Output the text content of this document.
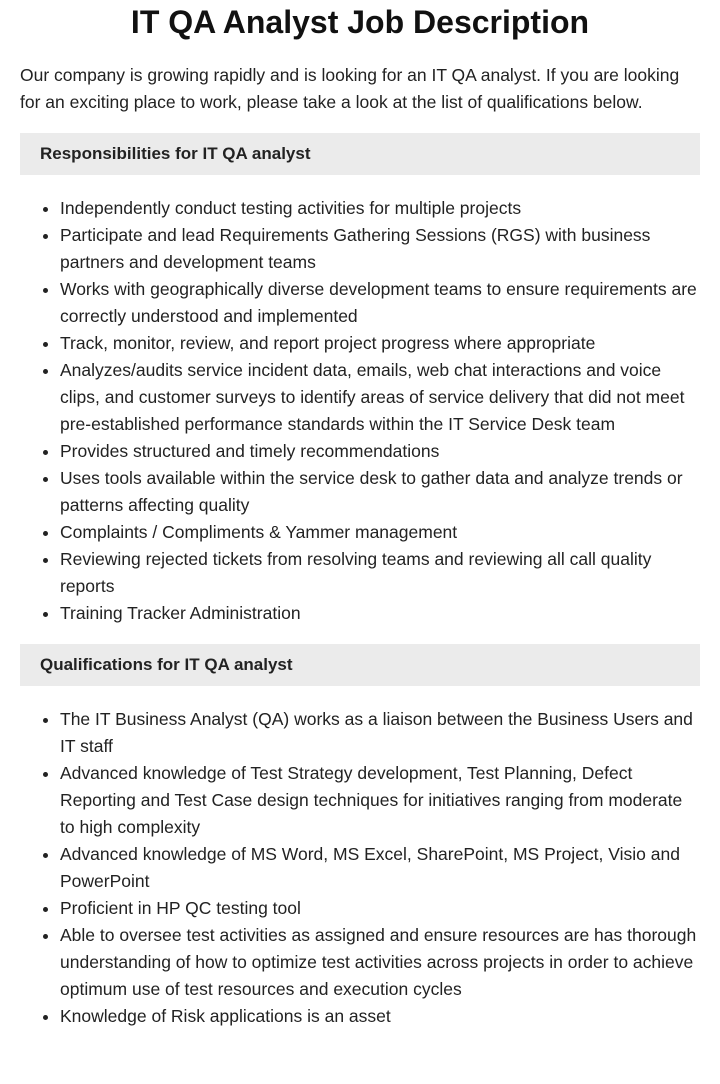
IT QA Analyst Job Description

Our company is growing rapidly and is looking for an IT QA analyst. If you are looking for an exciting place to work, please take a look at the list of qualifications below.

Responsibilities for IT QA analyst
• Independently conduct testing activities for multiple projects
• Participate and lead Requirements Gathering Sessions (RGS) with business partners and development teams
• Works with geographically diverse development teams to ensure requirements are correctly understood and implemented
• Track, monitor, review, and report project progress where appropriate
• Analyzes/audits service incident data, emails, web chat interactions and voice clips, and customer surveys to identify areas of service delivery that did not meet pre-established performance standards within the IT Service Desk team
• Provides structured and timely recommendations
• Uses tools available within the service desk to gather data and analyze trends or patterns affecting quality
• Complaints / Compliments & Yammer management
• Reviewing rejected tickets from resolving teams and reviewing all call quality reports
• Training Tracker Administration
Qualifications for IT QA analyst
• The IT Business Analyst (QA) works as a liaison between the Business Users and IT staff
• Advanced knowledge of Test Strategy development, Test Planning, Defect Reporting and Test Case design techniques for initiatives ranging from moderate to high complexity
• Advanced knowledge of MS Word, MS Excel, SharePoint, MS Project, Visio and PowerPoint
• Proficient in HP QC testing tool
• Able to oversee test activities as assigned and ensure resources are has thorough understanding of how to optimize test activities across projects in order to achieve optimum use of test resources and execution cycles
• Knowledge of Risk applications is an asset
